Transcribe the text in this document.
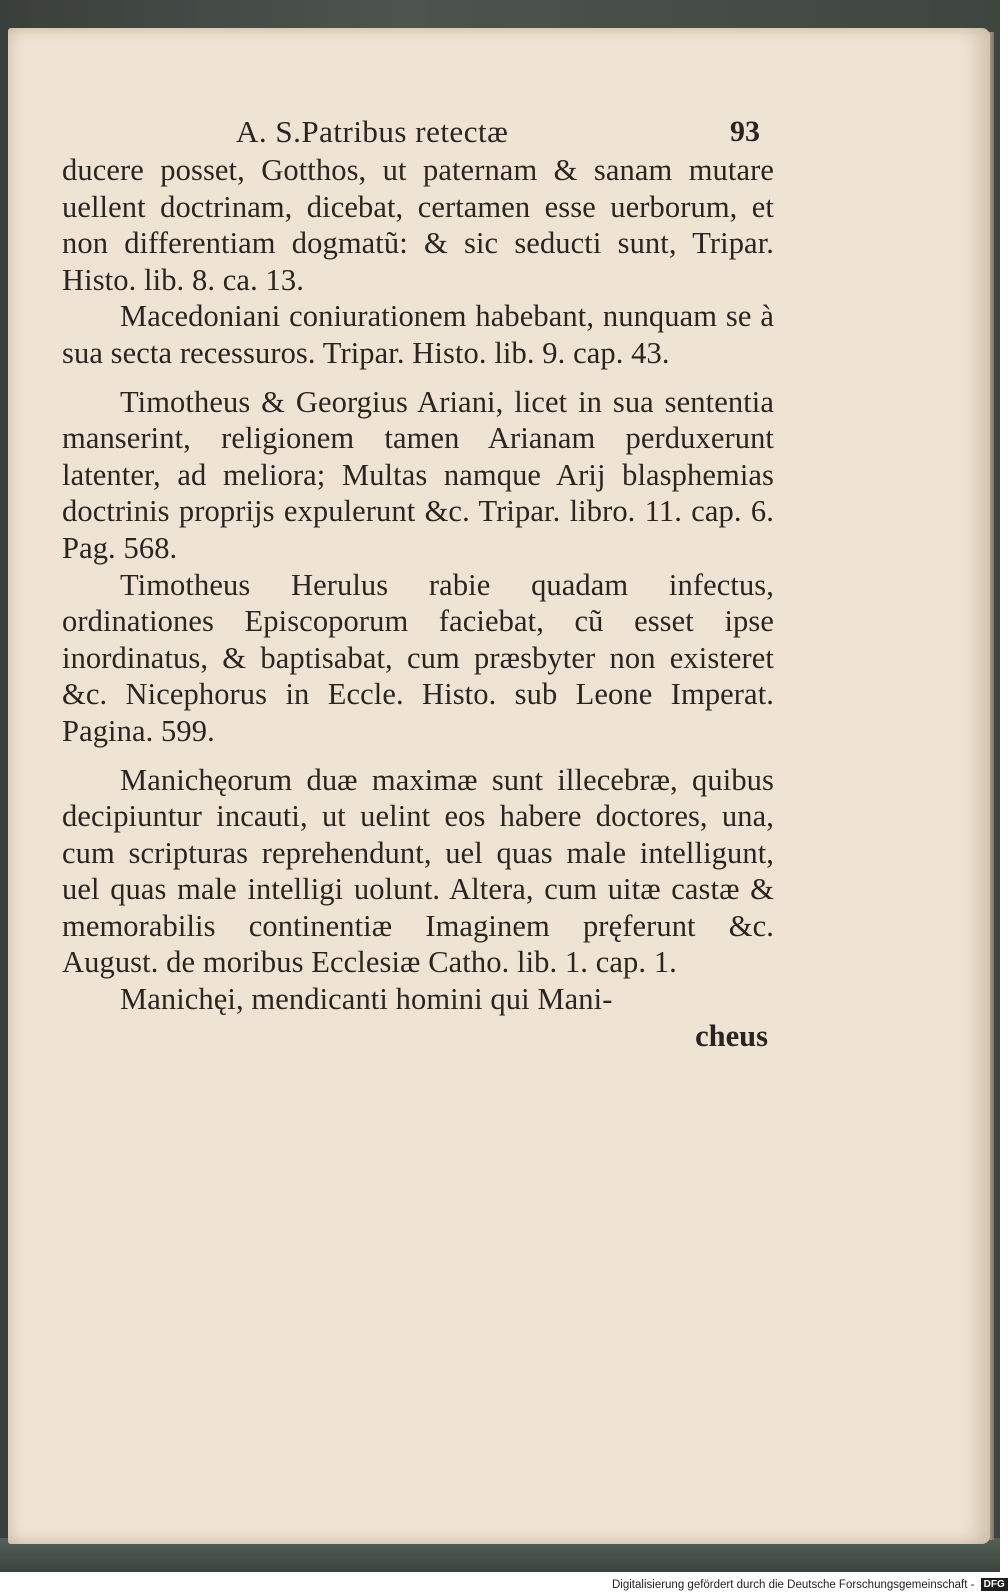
A. S.Patribus retectæ	93
ducere posset, Gotthos, ut paternam & sanam mutare uellent doctrinam, dicebat, certamen esse uerborum, et non differentiam dogmatũ: & sic seducti sunt, Tripar. Histo. lib. 8. ca. 13.
Macedoniani coniurationem habebant, nunquam se à sua secta recessuros. Tripar. Histo. lib. 9. cap. 43.
Timotheus & Georgius Ariani, licet in sua sententia manserint, religionem tamen Arianam perduxerunt latenter, ad meliora; Multas namque Arij blasphemias doctrinis proprijs expulerunt &c. Tripar. libro. 11. cap. 6. Pag. 568.
Timotheus Herulus rabie quadam infectus, ordinationes Episcoporum faciebat, cũ esset ipse inordinatus, & baptisabat, cum præsbyter non existeret &c. Nicephorus in Eccle. Histo. sub Leone Imperat. Pagina. 599.
Manichęorum duæ maximæ sunt illecebræ, quibus decipiuntur incauti, ut uelint eos habere doctores, una, cum scripturas reprehendunt, uel quas male intelligunt, uel quas male intelligi uolunt. Altera, cum uitæ castæ & memorabilis continentiæ Imaginem pręferunt &c. August. de moribus Ecclesiæ Catho. lib. 1. cap. 1.
Manichęi, mendicanti homini qui Mani-
cheus
Digitalisierung gefördert durch die Deutsche Forschungsgemeinschaft - DFG
